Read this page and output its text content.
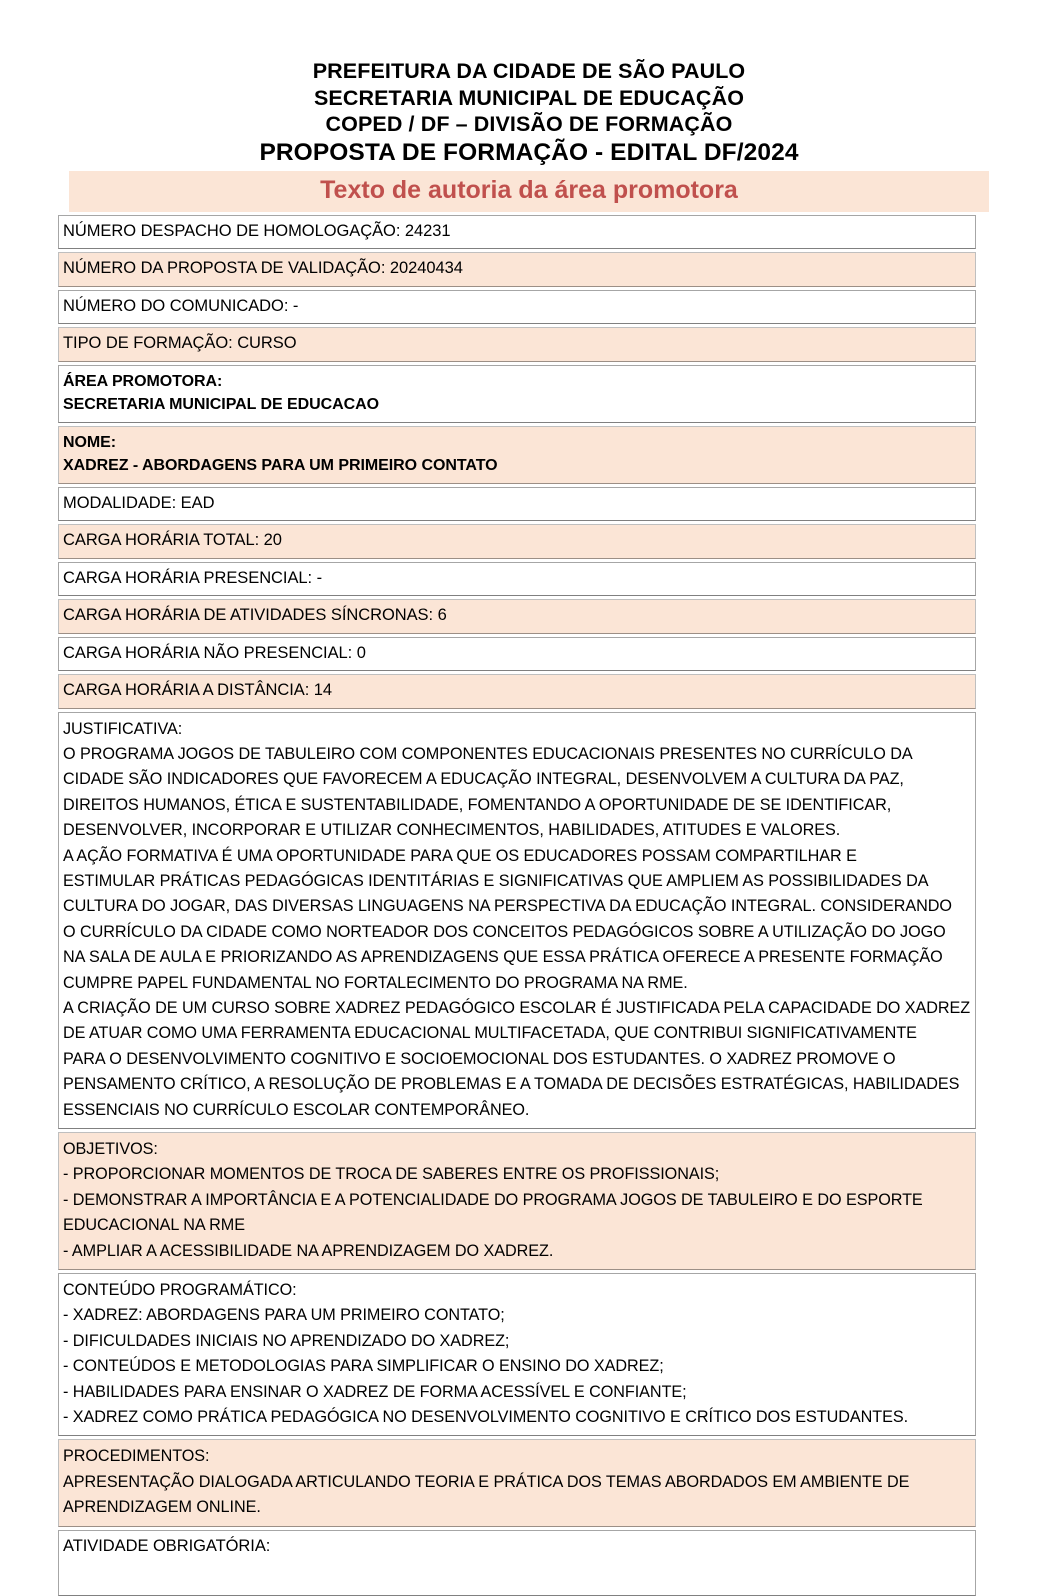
PREFEITURA DA CIDADE DE SÃO PAULO
SECRETARIA MUNICIPAL DE EDUCAÇÃO
COPED / DF – DIVISÃO DE FORMAÇÃO
PROPOSTA DE FORMAÇÃO - EDITAL DF/2024
Texto de autoria da área promotora
NÚMERO DESPACHO DE HOMOLOGAÇÃO: 24231
NÚMERO DA PROPOSTA DE VALIDAÇÃO: 20240434
NÚMERO DO COMUNICADO: -
TIPO DE FORMAÇÃO: CURSO
ÁREA PROMOTORA:
SECRETARIA MUNICIPAL DE EDUCACAO
NOME:
XADREZ - ABORDAGENS PARA UM PRIMEIRO CONTATO
MODALIDADE: EAD
CARGA HORÁRIA TOTAL: 20
CARGA HORÁRIA PRESENCIAL: -
CARGA HORÁRIA DE ATIVIDADES SÍNCRONAS: 6
CARGA HORÁRIA NÃO PRESENCIAL: 0
CARGA HORÁRIA A DISTÂNCIA: 14
JUSTIFICATIVA:
O PROGRAMA JOGOS DE TABULEIRO COM COMPONENTES EDUCACIONAIS PRESENTES NO CURRÍCULO DA
CIDADE SÃO INDICADORES QUE FAVORECEM A EDUCAÇÃO INTEGRAL, DESENVOLVEM A CULTURA DA PAZ,
DIREITOS HUMANOS, ÉTICA E SUSTENTABILIDADE, FOMENTANDO A OPORTUNIDADE DE SE IDENTIFICAR,
DESENVOLVER, INCORPORAR E UTILIZAR CONHECIMENTOS, HABILIDADES, ATITUDES E VALORES.
A AÇÃO FORMATIVA É UMA OPORTUNIDADE PARA QUE OS EDUCADORES POSSAM COMPARTILHAR E
ESTIMULAR PRÁTICAS PEDAGÓGICAS IDENTITÁRIAS E SIGNIFICATIVAS QUE AMPLIEM AS POSSIBILIDADES DA
CULTURA DO JOGAR, DAS DIVERSAS LINGUAGENS NA PERSPECTIVA DA EDUCAÇÃO INTEGRAL. CONSIDERANDO
O CURRÍCULO DA CIDADE COMO NORTEADOR DOS CONCEITOS PEDAGÓGICOS SOBRE A UTILIZAÇÃO DO JOGO
NA SALA DE AULA E PRIORIZANDO AS APRENDIZAGENS QUE ESSA PRÁTICA OFERECE A PRESENTE FORMAÇÃO
CUMPRE PAPEL FUNDAMENTAL NO FORTALECIMENTO DO PROGRAMA NA RME.
A CRIAÇÃO DE UM CURSO SOBRE XADREZ PEDAGÓGICO ESCOLAR É JUSTIFICADA PELA CAPACIDADE DO XADREZ
DE ATUAR COMO UMA FERRAMENTA EDUCACIONAL MULTIFACETADA, QUE CONTRIBUI SIGNIFICATIVAMENTE
PARA O DESENVOLVIMENTO COGNITIVO E SOCIOEMOCIONAL DOS ESTUDANTES. O XADREZ PROMOVE O
PENSAMENTO CRÍTICO, A RESOLUÇÃO DE PROBLEMAS E A TOMADA DE DECISÕES ESTRATÉGICAS, HABILIDADES
ESSENCIAIS NO CURRÍCULO ESCOLAR CONTEMPORÂNEO.
OBJETIVOS:
- PROPORCIONAR MOMENTOS DE TROCA DE SABERES ENTRE OS PROFISSIONAIS;
- DEMONSTRAR A IMPORTÂNCIA E A POTENCIALIDADE DO PROGRAMA JOGOS DE TABULEIRO E DO ESPORTE
EDUCACIONAL NA RME
- AMPLIAR A ACESSIBILIDADE NA APRENDIZAGEM DO XADREZ.
CONTEÚDO PROGRAMÁTICO:
- XADREZ: ABORDAGENS PARA UM PRIMEIRO CONTATO;
- DIFICULDADES INICIAIS NO APRENDIZADO DO XADREZ;
- CONTEÚDOS E METODOLOGIAS PARA SIMPLIFICAR O ENSINO DO XADREZ;
- HABILIDADES PARA ENSINAR O XADREZ DE FORMA ACESSÍVEL E CONFIANTE;
- XADREZ COMO PRÁTICA PEDAGÓGICA NO DESENVOLVIMENTO COGNITIVO E CRÍTICO DOS ESTUDANTES.
PROCEDIMENTOS:
APRESENTAÇÃO DIALOGADA ARTICULANDO TEORIA E PRÁTICA DOS TEMAS ABORDADOS EM AMBIENTE DE
APRENDIZAGEM ONLINE.
ATIVIDADE OBRIGATÓRIA:
